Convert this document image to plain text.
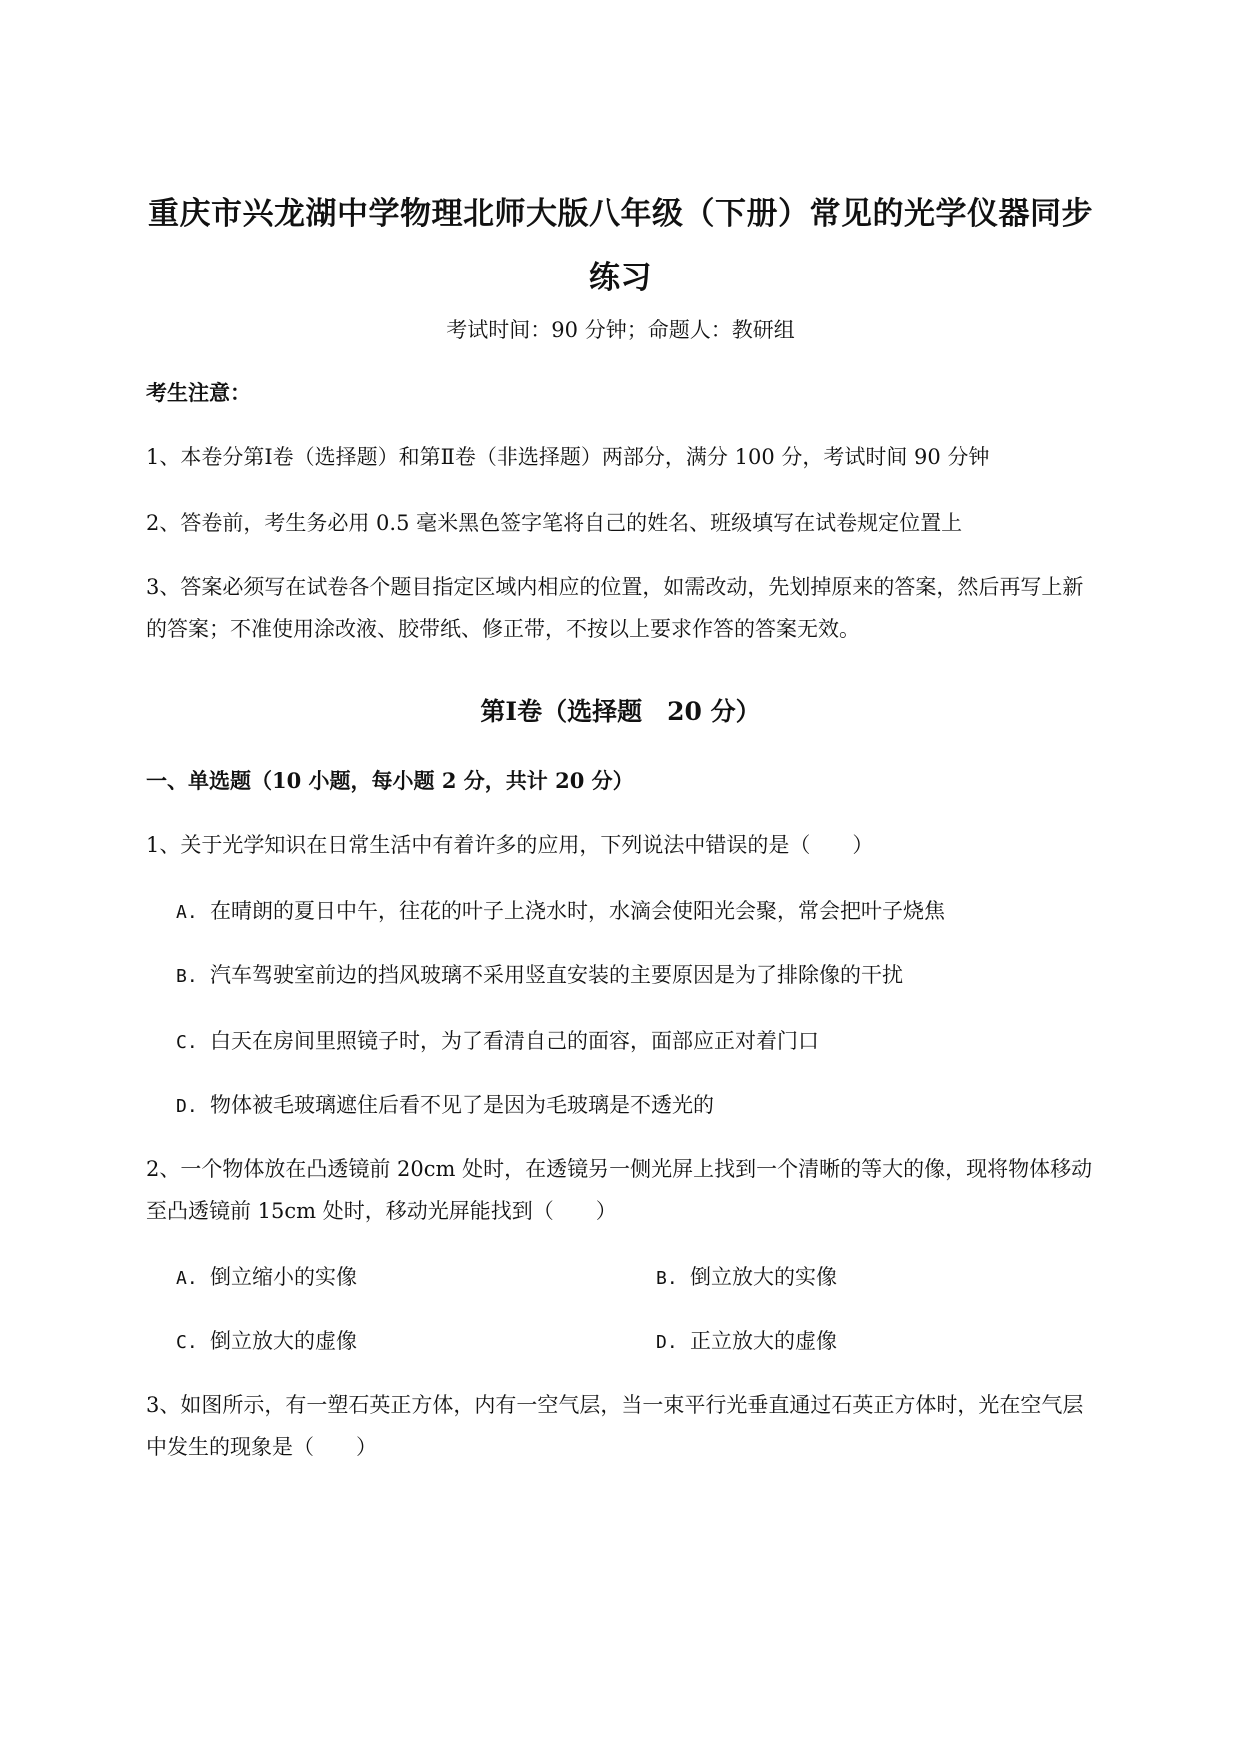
重庆市兴龙湖中学物理北师大版八年级（下册）常见的光学仪器同步
练习
考试时间：90 分钟；命题人：教研组
考生注意：
1、本卷分第Ⅰ卷（选择题）和第Ⅱ卷（非选择题）两部分，满分 100 分，考试时间 90 分钟
2、答卷前，考生务必用 0.5 毫米黑色签字笔将自己的姓名、班级填写在试卷规定位置上
3、答案必须写在试卷各个题目指定区域内相应的位置，如需改动，先划掉原来的答案，然后再写上新
的答案；不准使用涂改液、胶带纸、修正带，不按以上要求作答的答案无效。
第Ⅰ卷（选择题　20 分）
一、单选题（10 小题，每小题 2 分，共计 20 分）
1、关于光学知识在日常生活中有着许多的应用，下列说法中错误的是（　　）
A. 在晴朗的夏日中午，往花的叶子上浇水时，水滴会使阳光会聚，常会把叶子烧焦
B. 汽车驾驶室前边的挡风玻璃不采用竖直安装的主要原因是为了排除像的干扰
C. 白天在房间里照镜子时，为了看清自己的面容，面部应正对着门口
D. 物体被毛玻璃遮住后看不见了是因为毛玻璃是不透光的
2、一个物体放在凸透镜前 20cm 处时，在透镜另一侧光屏上找到一个清晰的等大的像，现将物体移动
至凸透镜前 15cm 处时，移动光屏能找到（　　）
A. 倒立缩小的实像	B. 倒立放大的实像
C. 倒立放大的虚像	D. 正立放大的虚像
3、如图所示，有一塑石英正方体，内有一空气层，当一束平行光垂直通过石英正方体时，光在空气层
中发生的现象是（　　）
